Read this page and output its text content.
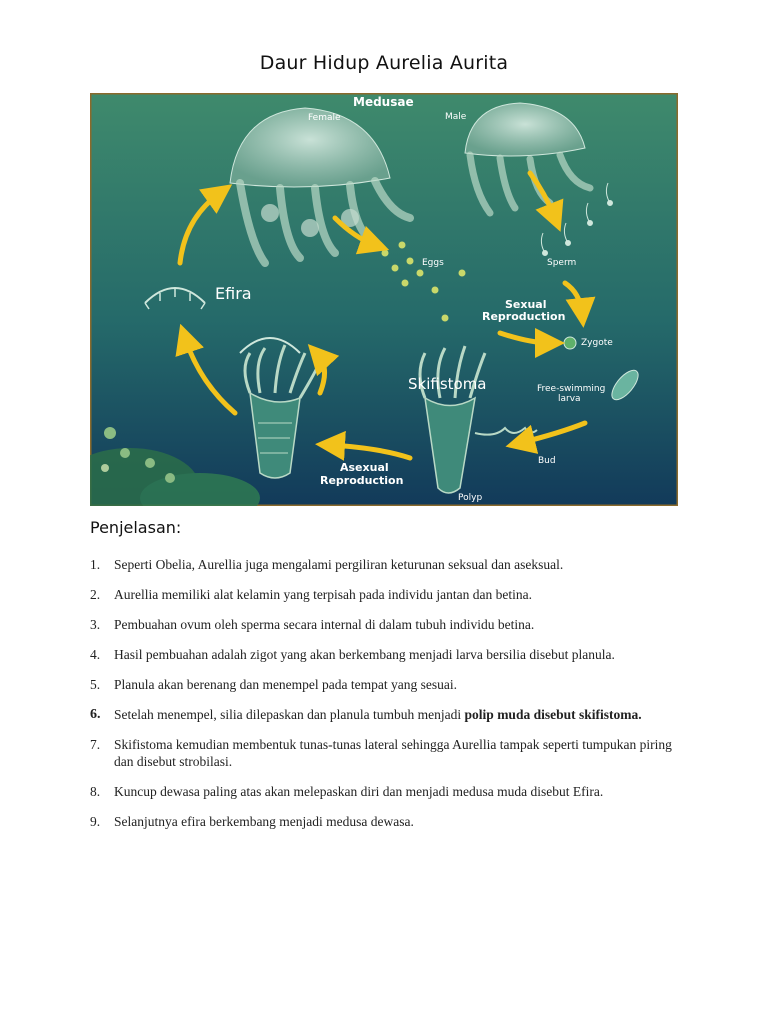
Daur Hidup Aurelia Aurita
Medusae
Female	Male
Eggs	Sperm
Efira
Sexual
Reproduction
Zygote
Skifistoma	Free-swimming
larva
Bud
Asexual
Reproduction
Polyp
Penjelasan:
1. Seperti Obelia, Aurellia juga mengalami pergiliran keturunan seksual dan aseksual.
2. Aurellia memiliki alat kelamin yang terpisah pada individu jantan dan betina.
3. Pembuahan ovum oleh sperma secara internal di dalam tubuh individu betina.
4. Hasil pembuahan adalah zigot yang akan berkembang menjadi larva bersilia disebut planula.
5. Planula akan berenang dan menempel pada tempat yang sesuai.
6. Setelah menempel, silia dilepaskan dan planula tumbuh menjadi polip muda disebut skifistoma.
7. Skifistoma kemudian membentuk tunas-tunas lateral sehingga Aurellia tampak seperti tumpukan piring dan disebut strobilasi.
8. Kuncup dewasa paling atas akan melepaskan diri dan menjadi medusa muda disebut Efira.
9. Selanjutnya efira berkembang menjadi medusa dewasa.
